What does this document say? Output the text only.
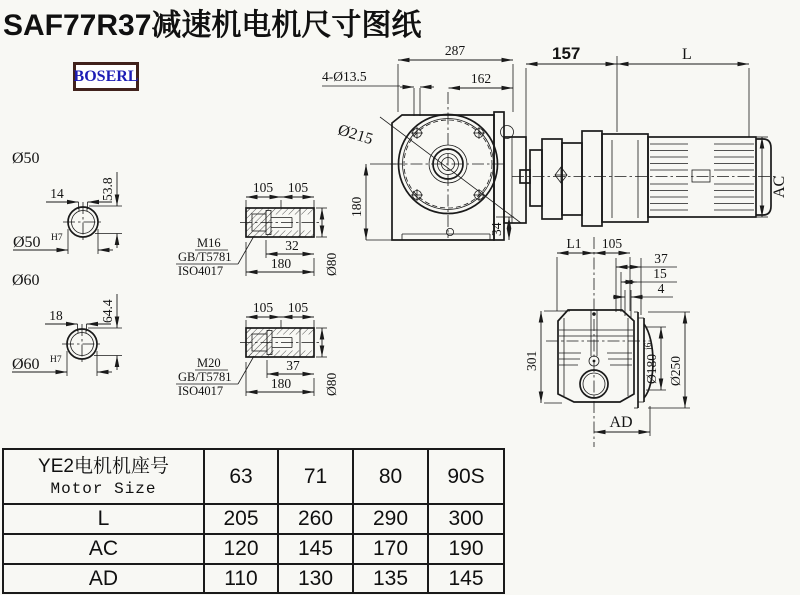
SAF77R37减速机电机尺寸图纸
BOSERL
287
162
4-Ø13.5
Ø215
180
34
157	L
AC
Ø50
14	53.8
Ø50 H7
Ø60
18	64.4
Ø60 H7
105 105
32
180 Ø80
M16
GB/T5781
ISO4017
105 105
37
180 Ø80
M20
GB/T5781
ISO4017
L1 105
37
15
4
301	Ø180
j6
Ø250
AD
YE2电机机座号
Motor Size	63	71	80	90S
L	205	260	290	300
AC	120	145	170	190
AD	110	130	135	145
